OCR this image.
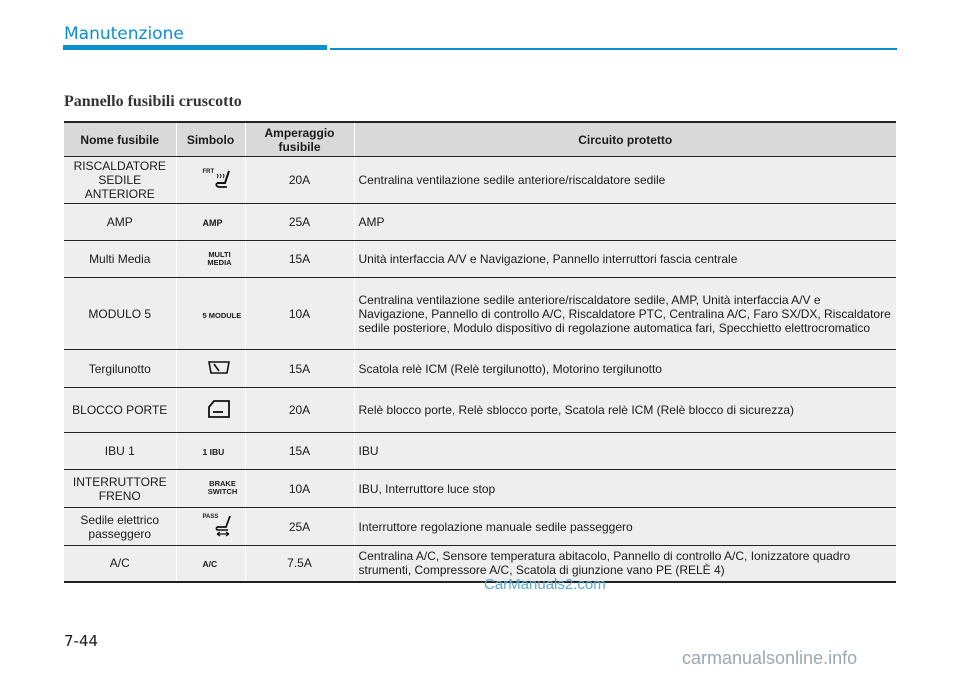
Manutenzione
Pannello fusibili cruscotto
Nome fusibile	Simbolo	Amperaggio fusibile	Circuito protetto
RISCALDATORE SEDILE ANTERIORE	FRT	20A	Centralina ventilazione sedile anteriore/riscaldatore sedile
AMP	AMP	25A	AMP
Multi Media	MULTI MEDIA	15A	Unità interfaccia A/V e Navigazione, Pannello interruttori fascia centrale
MODULO 5	5 MODULE	10A	Centralina ventilazione sedile anteriore/riscaldatore sedile, AMP, Unità interfaccia A/V e Navigazione, Pannello di controllo A/C, Riscaldatore PTC, Centralina A/C, Faro SX/DX, Riscaldatore sedile posteriore, Modulo dispositivo di regolazione automatica fari, Specchietto elettrocromatico
Tergilunotto		15A	Scatola relè ICM (Relè tergilunotto), Motorino tergilunotto
BLOCCO PORTE		20A	Relè blocco porte, Relè sblocco porte, Scatola relè ICM (Relè blocco di sicurezza)
IBU 1	1 IBU	15A	IBU
INTERRUTTORE FRENO	BRAKE SWITCH	10A	IBU, Interruttore luce stop
Sedile elettrico passeggero	PASS	25A	Interruttore regolazione manuale sedile passeggero
A/C	A/C	7.5A	Centralina A/C, Sensore temperatura abitacolo, Pannello di controllo A/C, Ionizzatore quadro strumenti, Compressore A/C, Scatola di giunzione vano PE (RELÈ 4)
CarManuals2.com
7-44
carmanualsonline.info
